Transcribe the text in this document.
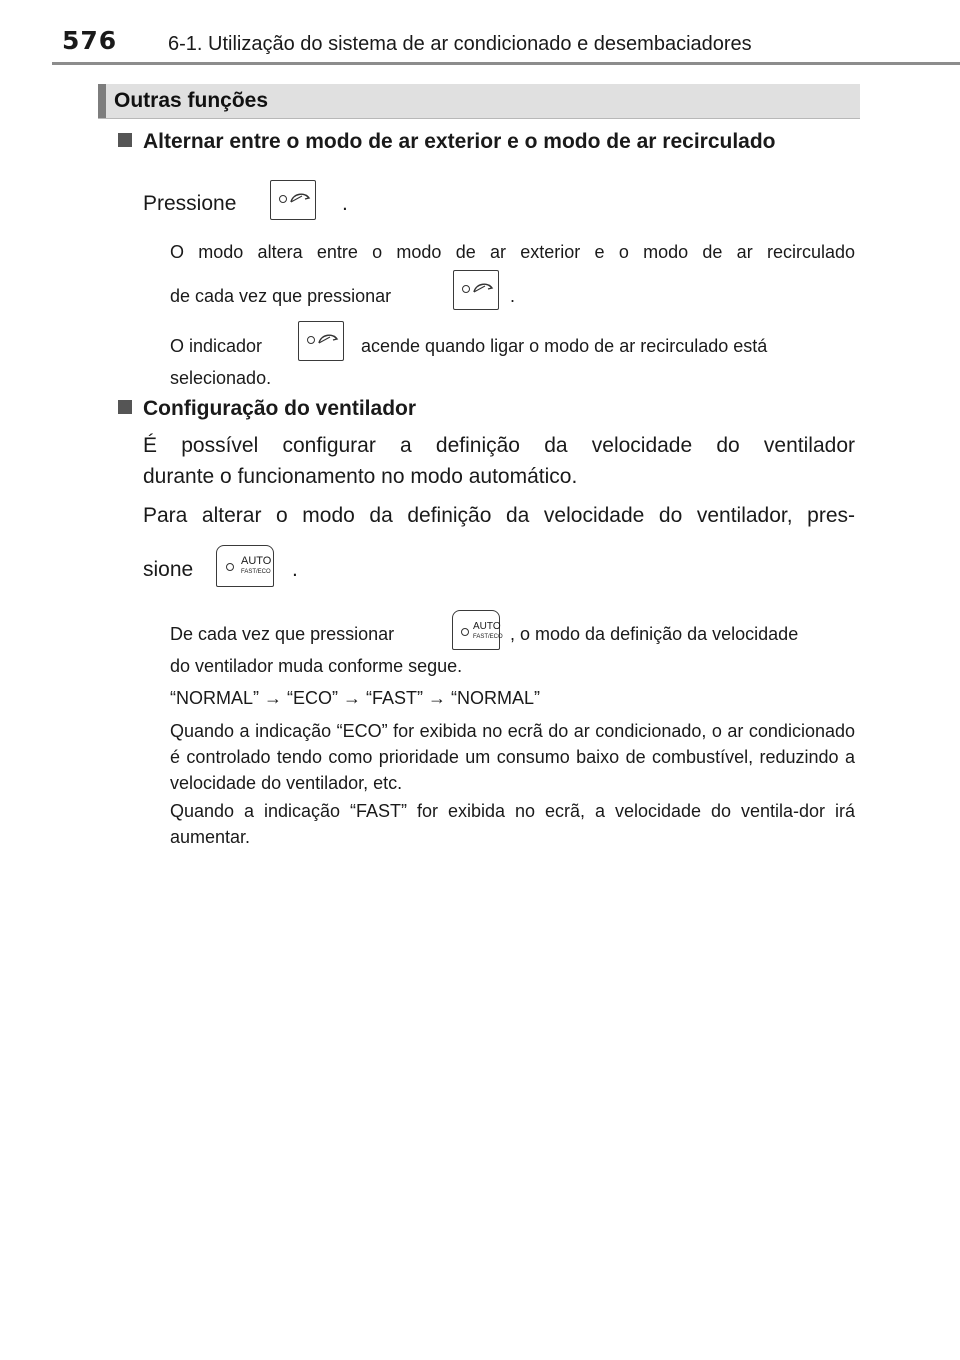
576	6-1. Utilização do sistema de ar condicionado e desembaciadores
Outras funções
Alternar entre o modo de ar exterior e o modo de ar recirculado
Pressione	.
O modo altera entre o modo de ar exterior e o modo de ar recirculado
de cada vez que pressionar	.
O indicador	acende quando ligar o modo de ar recirculado está
selecionado.
Configuração do ventilador
É possível configurar a definição da velocidade do ventilador
durante o funcionamento no modo automático.
Para alterar o modo da definição da velocidade do ventilador, pres-
sione	AUTO
FAST/ECO .
De cada vez que pressionar	AUTO
FAST/ECO , o modo da definição da velocidade
do ventilador muda conforme segue.
“NORMAL” → “ECO” → “FAST” → “NORMAL”
Quando a indicação “ECO” for exibida no ecrã do ar condicionado, o ar condicionado é controlado tendo como prioridade um consumo baixo de combustível, reduzindo a velocidade do ventilador, etc.
Quando a indicação “FAST” for exibida no ecrã, a velocidade do ventila-dor irá aumentar.
